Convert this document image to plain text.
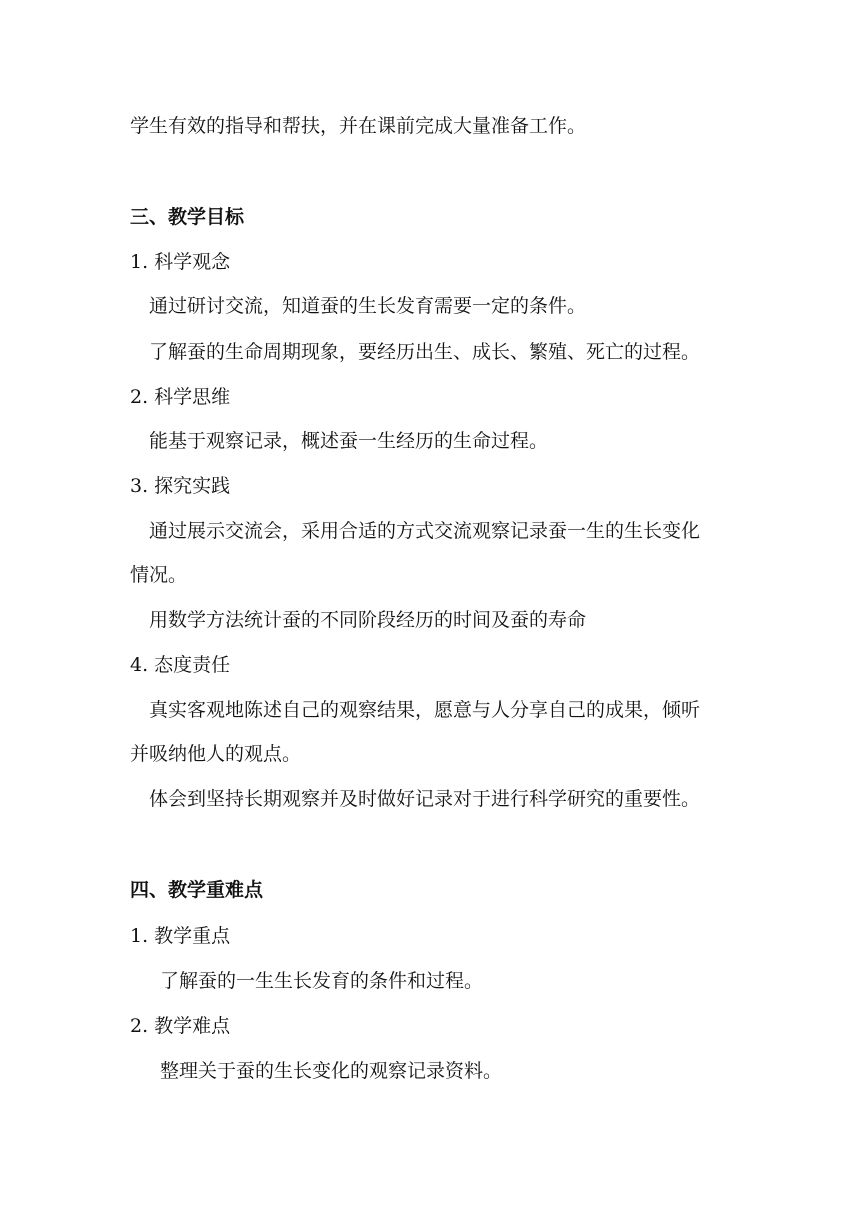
学生有效的指导和帮扶，并在课前完成大量准备工作。
三、教学目标
1. 科学观念
通过研讨交流，知道蚕的生长发育需要一定的条件。
了解蚕的生命周期现象，要经历出生、成长、繁殖、死亡的过程。
2. 科学思维
能基于观察记录，概述蚕一生经历的生命过程。
3. 探究实践
通过展示交流会，采用合适的方式交流观察记录蚕一生的生长变化
情况。
用数学方法统计蚕的不同阶段经历的时间及蚕的寿命
4. 态度责任
真实客观地陈述自己的观察结果，愿意与人分享自己的成果，倾听
并吸纳他人的观点。
体会到坚持长期观察并及时做好记录对于进行科学研究的重要性。
四、教学重难点
1. 教学重点
了解蚕的一生生长发育的条件和过程。
2. 教学难点
整理关于蚕的生长变化的观察记录资料。
